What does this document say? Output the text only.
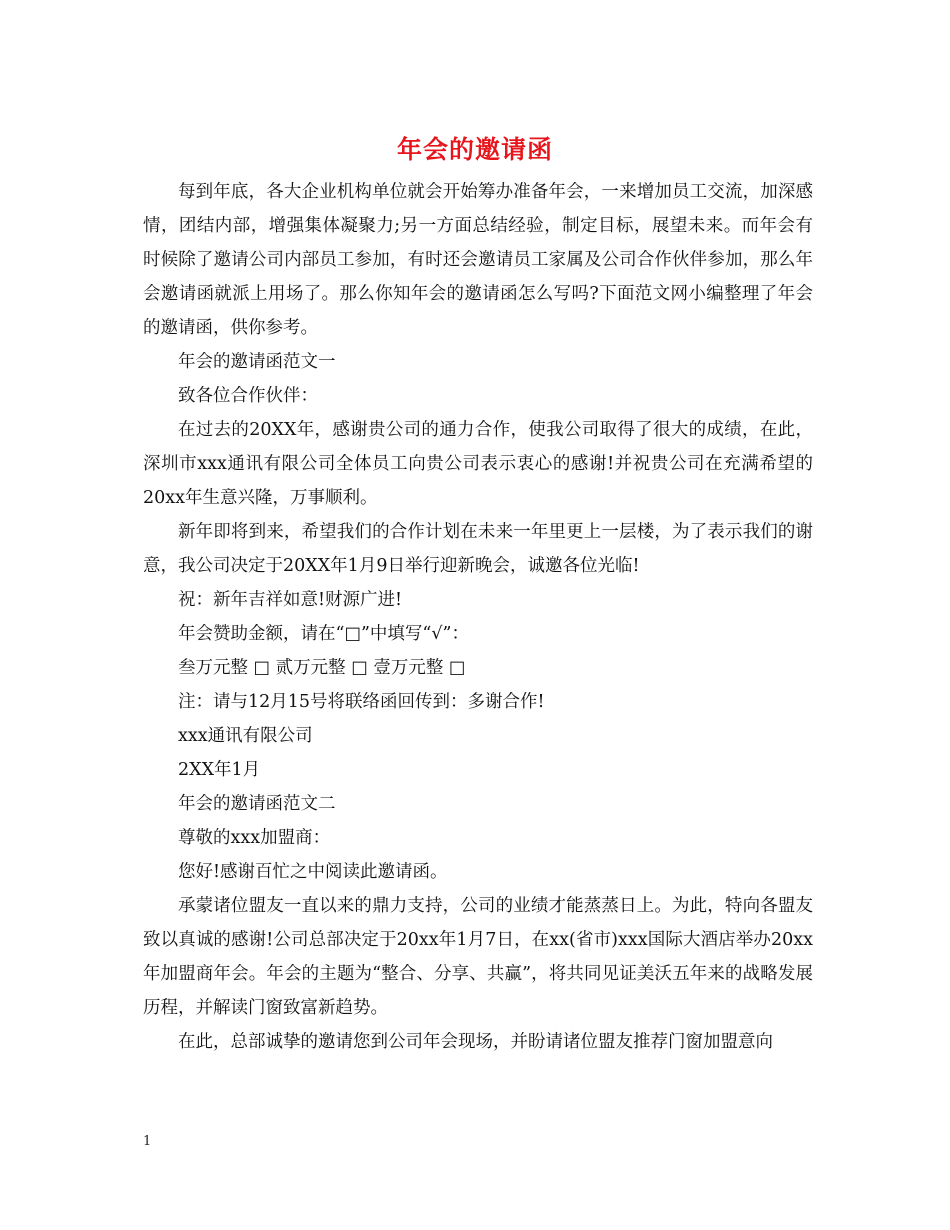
年会的邀请函

每到年底，各大企业机构单位就会开始筹办准备年会，一来增加员工交流，加深感情，团结内部，增强集体凝聚力;另一方面总结经验，制定目标，展望未来。而年会有时候除了邀请公司内部员工参加，有时还会邀请员工家属及公司合作伙伴参加，那么年会邀请函就派上用场了。那么你知年会的邀请函怎么写吗?下面范文网小编整理了年会的邀请函，供你参考。

年会的邀请函范文一

致各位合作伙伴：

在过去的20XX年，感谢贵公司的通力合作，使我公司取得了很大的成绩，在此，深圳市xxx通讯有限公司全体员工向贵公司表示衷心的感谢!并祝贵公司在充满希望的20xx年生意兴隆，万事顺利。

新年即将到来，希望我们的合作计划在未来一年里更上一层楼，为了表示我们的谢意，我公司决定于20XX年1月9日举行迎新晚会，诚邀各位光临!

祝：新年吉祥如意!财源广进!

年会赞助金额，请在“□”中填写“√”：

叁万元整 □ 贰万元整 □ 壹万元整 □

注：请与12月15号将联络函回传到：多谢合作!

xxx通讯有限公司

2XX年1月

年会的邀请函范文二

尊敬的xxx加盟商：

您好!感谢百忙之中阅读此邀请函。

承蒙诸位盟友一直以来的鼎力支持，公司的业绩才能蒸蒸日上。为此，特向各盟友致以真诚的感谢!公司总部决定于20xx年1月7日，在xx(省市)xxx国际大酒店举办20xx年加盟商年会。年会的主题为“整合、分享、共赢”，将共同见证美沃五年来的战略发展历程，并解读门窗致富新趋势。

在此，总部诚挚的邀请您到公司年会现场，并盼请诸位盟友推荐门窗加盟意向

1
